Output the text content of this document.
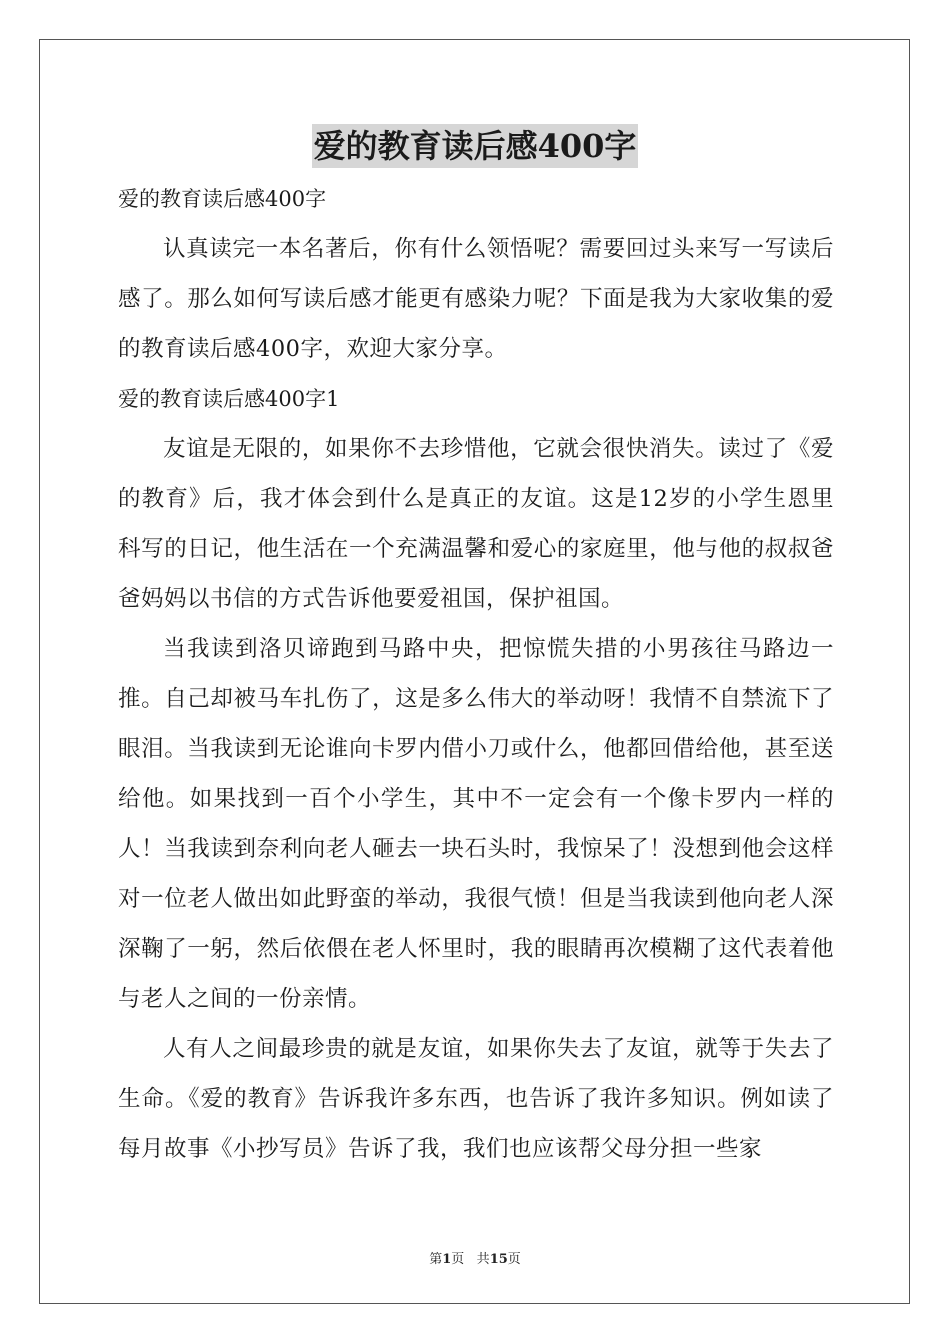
爱的教育读后感400字

爱的教育读后感400字

认真读完一本名著后，你有什么领悟呢？需要回过头来写一写读后感了。那么如何写读后感才能更有感染力呢？下面是我为大家收集的爱的教育读后感400字，欢迎大家分享。

爱的教育读后感400字1

友谊是无限的，如果你不去珍惜他，它就会很快消失。读过了《爱的教育》后，我才体会到什么是真正的友谊。这是12岁的小学生恩里科写的日记，他生活在一个充满温馨和爱心的家庭里，他与他的叔叔爸爸妈妈以书信的方式告诉他要爱祖国，保护祖国。

当我读到洛贝谛跑到马路中央，把惊慌失措的小男孩往马路边一推。自己却被马车扎伤了，这是多么伟大的举动呀！我情不自禁流下了眼泪。当我读到无论谁向卡罗内借小刀或什么，他都回借给他，甚至送给他。如果找到一百个小学生，其中不一定会有一个像卡罗内一样的人！当我读到奈利向老人砸去一块石头时，我惊呆了！没想到他会这样对一位老人做出如此野蛮的举动，我很气愤！但是当我读到他向老人深深鞠了一躬，然后依偎在老人怀里时，我的眼睛再次模糊了这代表着他与老人之间的一份亲情。

人有人之间最珍贵的就是友谊，如果你失去了友谊，就等于失去了生命。《爱的教育》告诉我许多东西，也告诉了我许多知识。例如读了每月故事《小抄写员》告诉了我，我们也应该帮父母分担一些家

第1页 共15页
